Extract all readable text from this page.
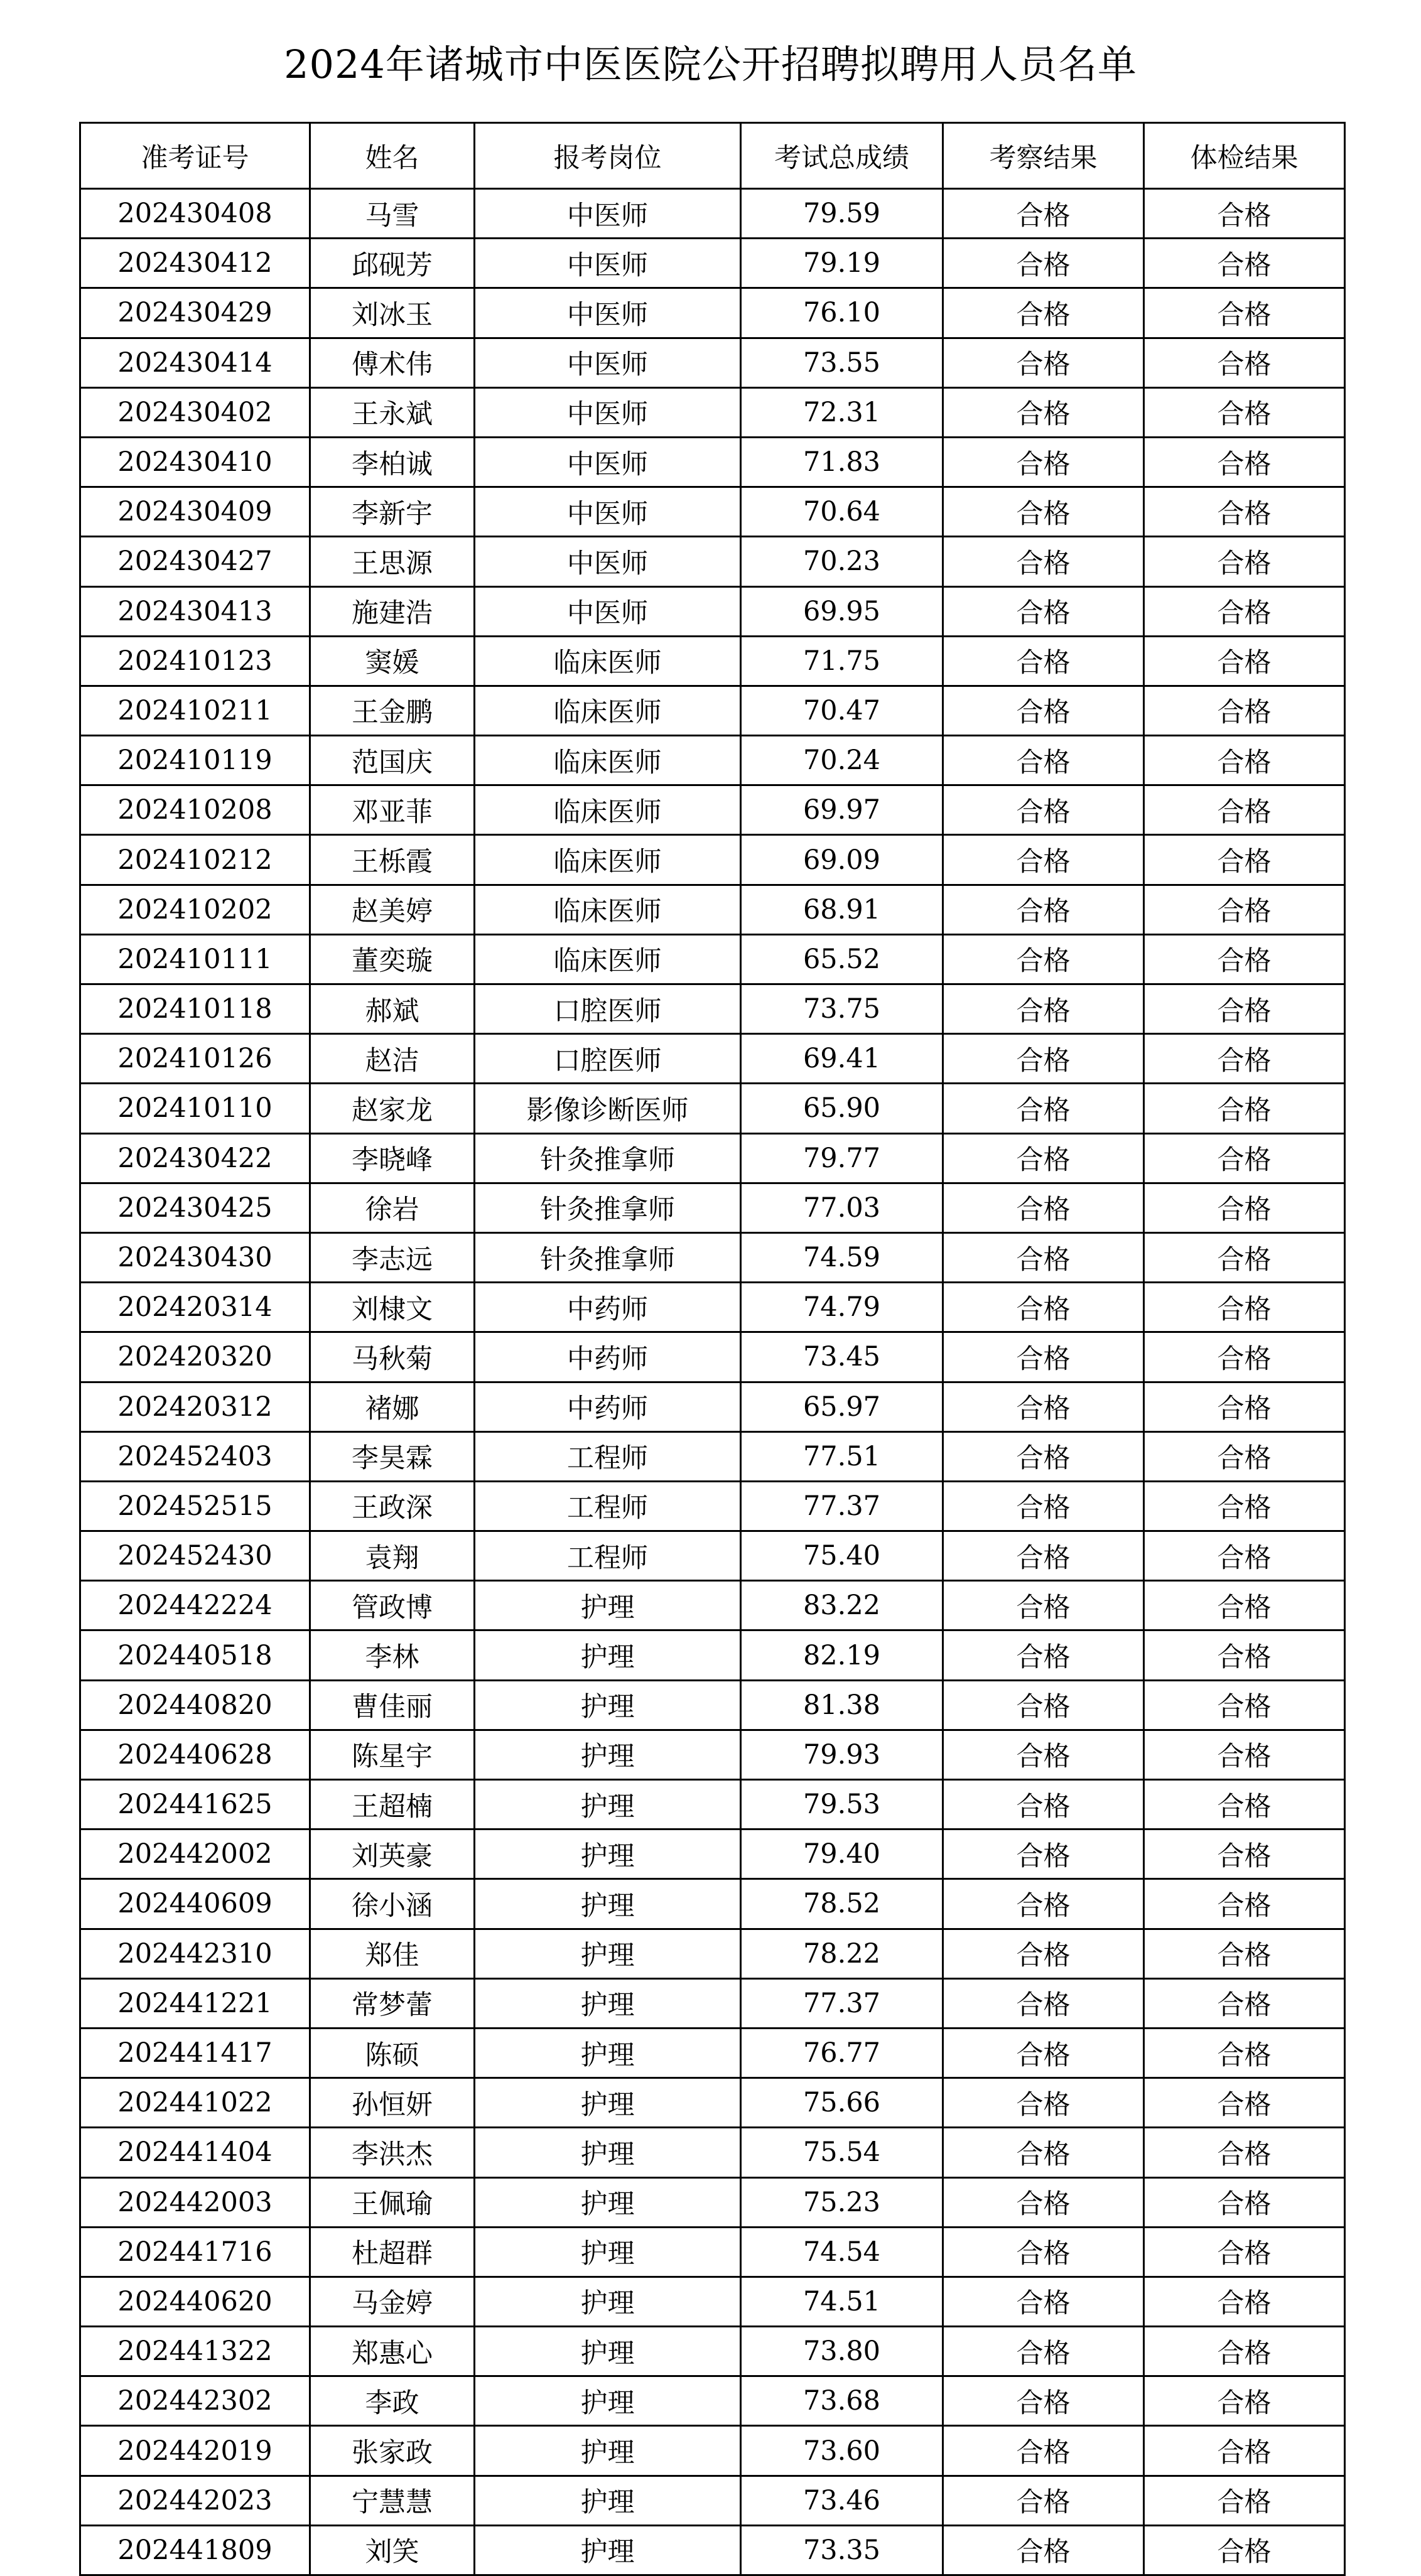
2024年诸城市中医医院公开招聘拟聘用人员名单
准考证号	姓名	报考岗位	考试总成绩	考察结果	体检结果
202430408	马雪	中医师	79.59	合格	合格
202430412	邱砚芳	中医师	79.19	合格	合格
202430429	刘冰玉	中医师	76.10	合格	合格
202430414	傅术伟	中医师	73.55	合格	合格
202430402	王永斌	中医师	72.31	合格	合格
202430410	李柏诚	中医师	71.83	合格	合格
202430409	李新宇	中医师	70.64	合格	合格
202430427	王思源	中医师	70.23	合格	合格
202430413	施建浩	中医师	69.95	合格	合格
202410123	窦媛	临床医师	71.75	合格	合格
202410211	王金鹏	临床医师	70.47	合格	合格
202410119	范国庆	临床医师	70.24	合格	合格
202410208	邓亚菲	临床医师	69.97	合格	合格
202410212	王栎霞	临床医师	69.09	合格	合格
202410202	赵美婷	临床医师	68.91	合格	合格
202410111	董奕璇	临床医师	65.52	合格	合格
202410118	郝斌	口腔医师	73.75	合格	合格
202410126	赵洁	口腔医师	69.41	合格	合格
202410110	赵家龙	影像诊断医师	65.90	合格	合格
202430422	李晓峰	针灸推拿师	79.77	合格	合格
202430425	徐岩	针灸推拿师	77.03	合格	合格
202430430	李志远	针灸推拿师	74.59	合格	合格
202420314	刘棣文	中药师	74.79	合格	合格
202420320	马秋菊	中药师	73.45	合格	合格
202420312	褚娜	中药师	65.97	合格	合格
202452403	李昊霖	工程师	77.51	合格	合格
202452515	王政深	工程师	77.37	合格	合格
202452430	袁翔	工程师	75.40	合格	合格
202442224	管政博	护理	83.22	合格	合格
202440518	李林	护理	82.19	合格	合格
202440820	曹佳丽	护理	81.38	合格	合格
202440628	陈星宇	护理	79.93	合格	合格
202441625	王超楠	护理	79.53	合格	合格
202442002	刘英豪	护理	79.40	合格	合格
202440609	徐小涵	护理	78.52	合格	合格
202442310	郑佳	护理	78.22	合格	合格
202441221	常梦蕾	护理	77.37	合格	合格
202441417	陈硕	护理	76.77	合格	合格
202441022	孙恒妍	护理	75.66	合格	合格
202441404	李洪杰	护理	75.54	合格	合格
202442003	王佩瑜	护理	75.23	合格	合格
202441716	杜超群	护理	74.54	合格	合格
202440620	马金婷	护理	74.51	合格	合格
202441322	郑惠心	护理	73.80	合格	合格
202442302	李政	护理	73.68	合格	合格
202442019	张家政	护理	73.60	合格	合格
202442023	宁慧慧	护理	73.46	合格	合格
202441809	刘笑	护理	73.35	合格	合格
